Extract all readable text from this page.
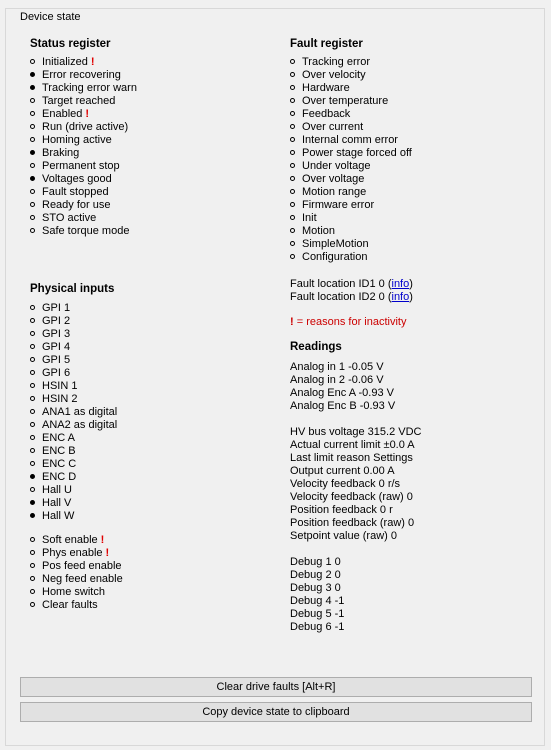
Device state
Status register
Initialized !
Error recovering
Tracking error warn
Target reached
Enabled !
Run (drive active)
Homing active
Braking
Permanent stop
Voltages good
Fault stopped
Ready for use
STO active
Safe torque mode
Physical inputs
GPI 1
GPI 2
GPI 3
GPI 4
GPI 5
GPI 6
HSIN 1
HSIN 2
ANA1 as digital
ANA2 as digital
ENC A
ENC B
ENC C
ENC D
Hall U
Hall V
Hall W
Soft enable !
Phys enable !
Pos feed enable
Neg feed enable
Home switch
Clear faults
Fault register
Tracking error
Over velocity
Hardware
Over temperature
Feedback
Over current
Internal comm error
Power stage forced off
Under voltage
Over voltage
Motion range
Firmware error
Init
Motion
SimpleMotion
Configuration
Fault location ID1 0 (info)
Fault location ID2 0 (info)
! = reasons for inactivity
Readings
Analog in 1 -0.05 V
Analog in 2 -0.06 V
Analog Enc A -0.93 V
Analog Enc B -0.93 V
HV bus voltage 315.2 VDC
Actual current limit ±0.0 A
Last limit reason Settings
Output current 0.00 A
Velocity feedback 0 r/s
Velocity feedback (raw) 0
Position feedback 0 r
Position feedback (raw) 0
Setpoint value (raw) 0
Debug 1 0
Debug 2 0
Debug 3 0
Debug 4 -1
Debug 5 -1
Debug 6 -1
Clear drive faults [Alt+R]
Copy device state to clipboard
